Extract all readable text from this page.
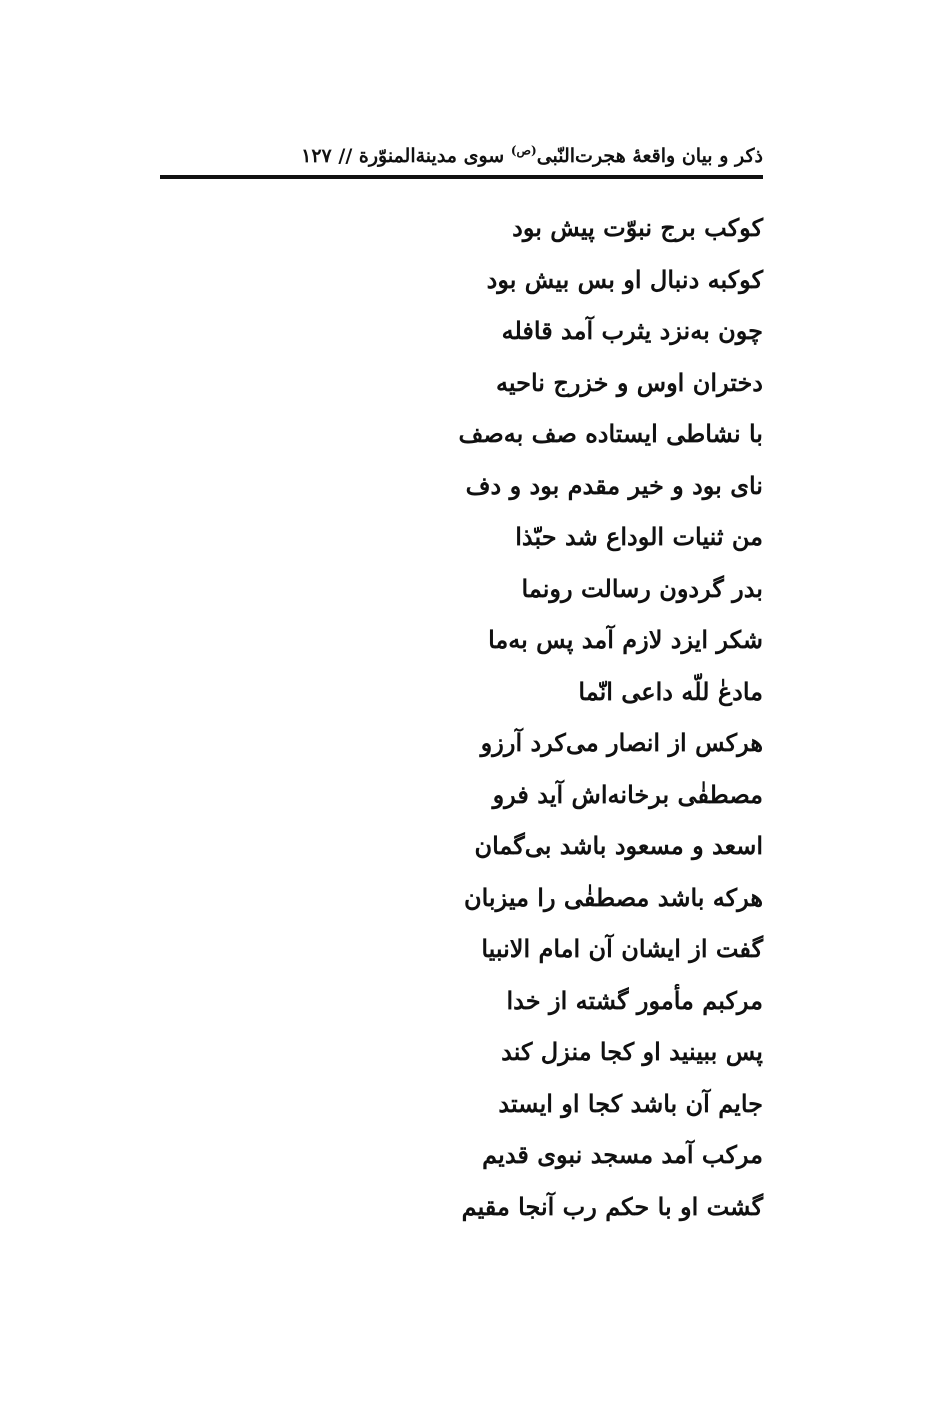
ذکر و بیان واقعۀ هجرت‌النّبی$^{(ص)}$ سوی مدینة‌المنوّرة // ۱۲۷
کوکب برج نبوّت پیش بود
کوکبه دنبال او بس بیش بود
چون به‌نزد یثرب آمد قافله
دختران اوس و خزرج ناحیه
با نشاطی ایستاده صف به‌صف
نای بود و خیر مقدم بود و دف
من ثنیات الوداع شد حبّذا
بدر گردون رسالت رونما
شکر ایزد لازم آمد پس به‌ما
مادعٰ للّه داعی انّما
هرکس از انصار می‌کرد آرزو
مصطفٰی برخانه‌اش آید فرو
اسعد و مسعود باشد بی‌گمان
هرکه باشد مصطفٰی را میزبان
گفت از ایشان آن امام الانبیا
مرکبم مأمور گشته از خدا
پس ببینید او کجا منزل کند
جایم آن باشد کجا او ایستد
مرکب آمد مسجد نبوی قدیم
گشت او با حکم رب آنجا مقیم
